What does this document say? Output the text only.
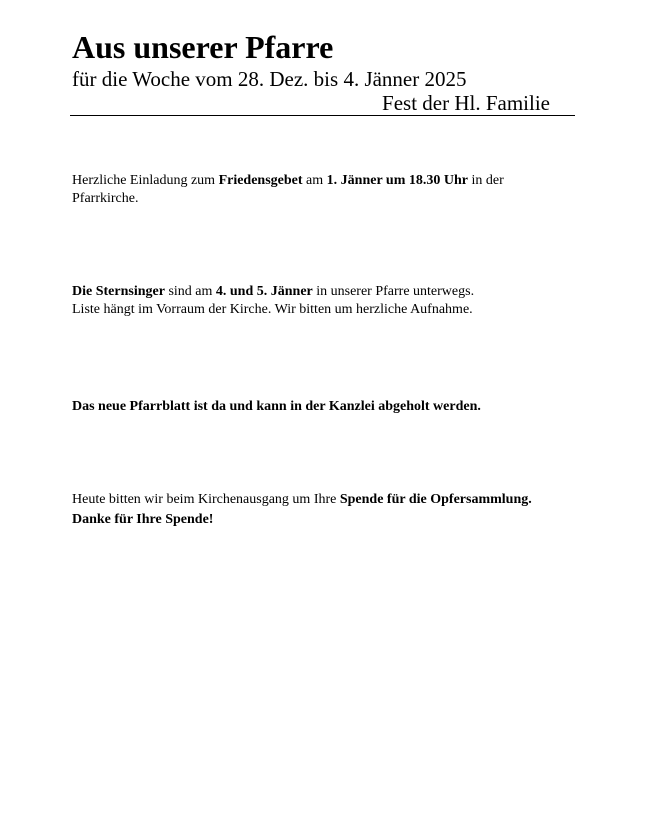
Aus unserer Pfarre

für die Woche vom 28. Dez. bis 4. Jänner 2025

Fest der Hl. Familie

Herzliche Einladung zum Friedensgebet am 1. Jänner um 18.30 Uhr in der Pfarrkirche.

Die Sternsinger sind am 4. und 5. Jänner in unserer Pfarre unterwegs.
Liste hängt im Vorraum der Kirche. Wir bitten um herzliche Aufnahme.

Das neue Pfarrblatt ist da und kann in der Kanzlei abgeholt werden.

Heute bitten wir beim Kirchenausgang um Ihre Spende für die Opfersammlung.
Danke für Ihre Spende!
